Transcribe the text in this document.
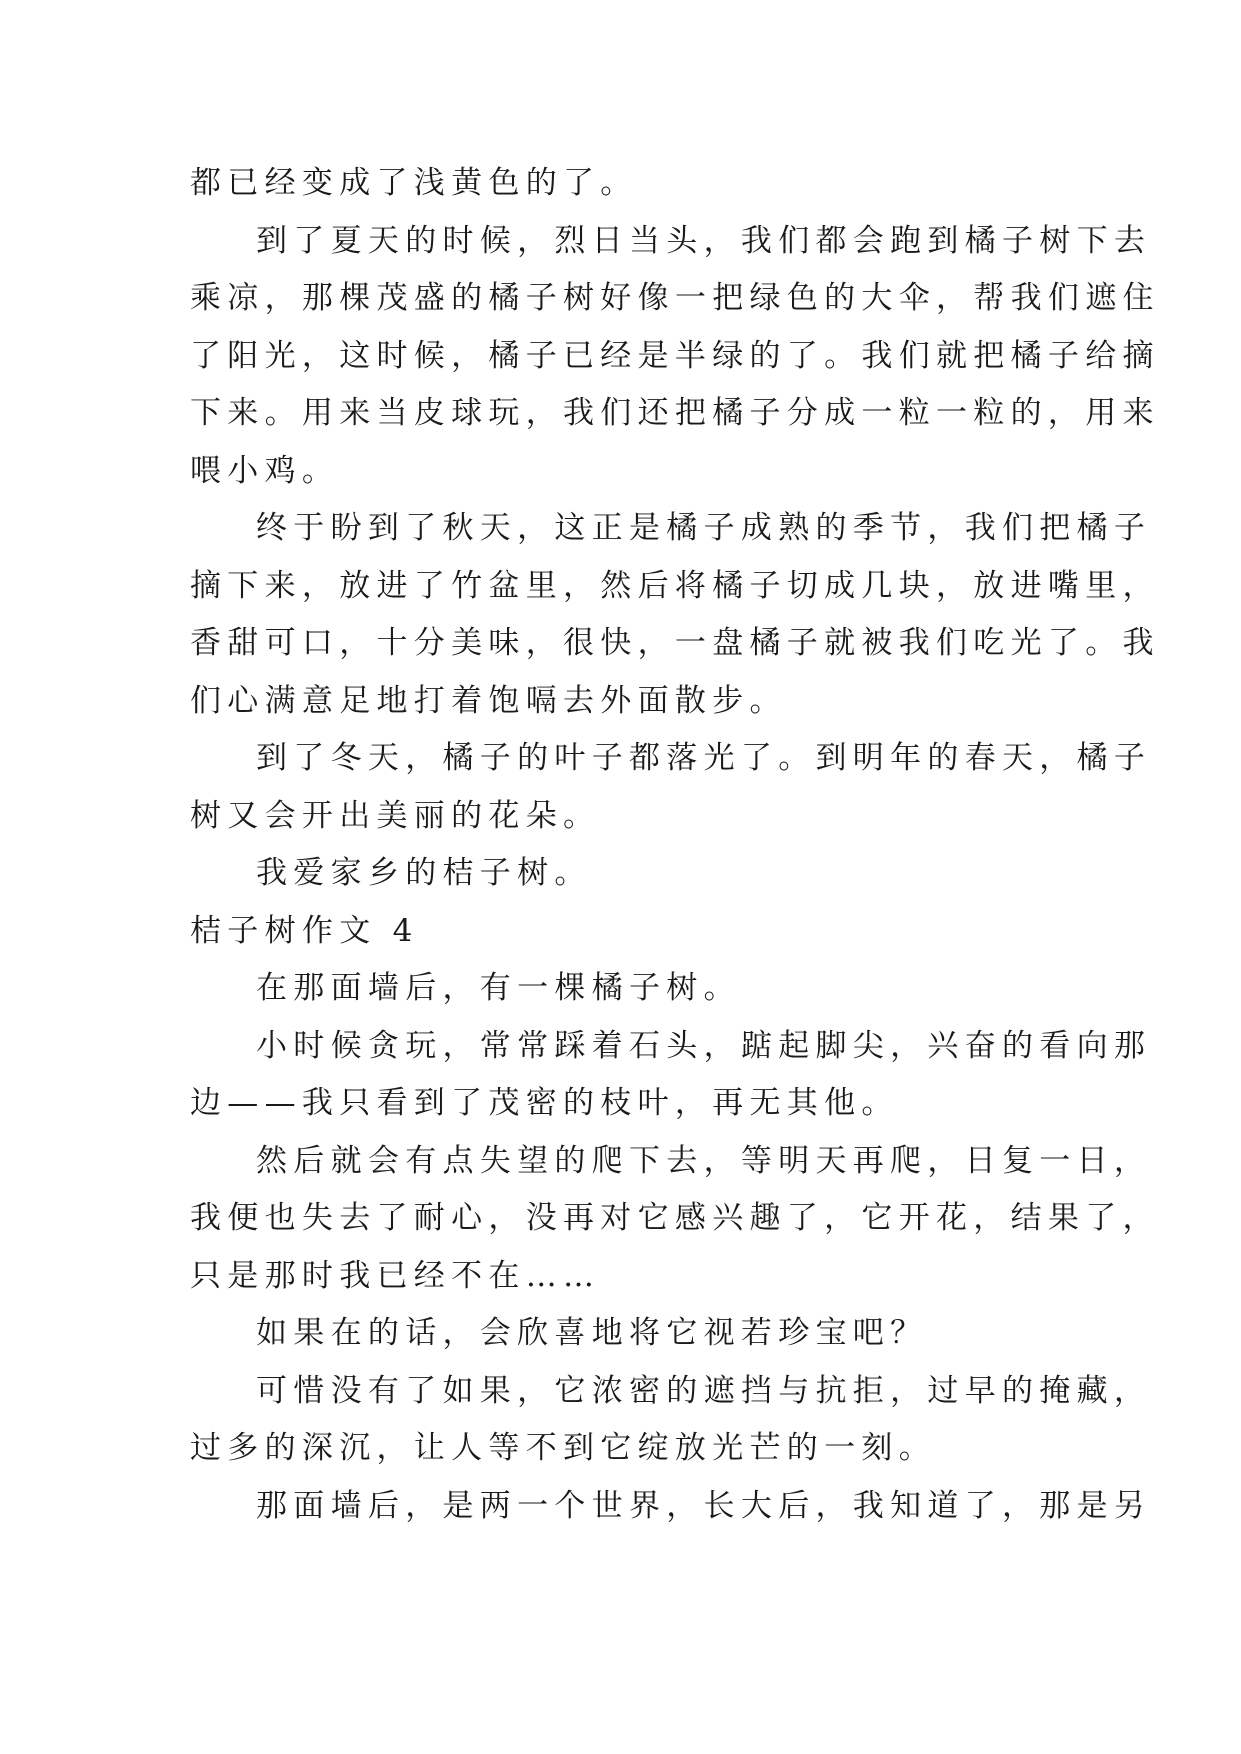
都已经变成了浅黄色的了。
到了夏天的时候，烈日当头，我们都会跑到橘子树下去
乘凉，那棵茂盛的橘子树好像一把绿色的大伞，帮我们遮住
了阳光，这时候，橘子已经是半绿的了。我们就把橘子给摘
下来。用来当皮球玩，我们还把橘子分成一粒一粒的，用来
喂小鸡。
终于盼到了秋天，这正是橘子成熟的季节，我们把橘子
摘下来，放进了竹盆里，然后将橘子切成几块，放进嘴里，
香甜可口，十分美味，很快，一盘橘子就被我们吃光了。我
们心满意足地打着饱嗝去外面散步。
到了冬天，橘子的叶子都落光了。到明年的春天，橘子
树又会开出美丽的花朵。
我爱家乡的桔子树。
桔子树作文 4
在那面墙后，有一棵橘子树。
小时候贪玩，常常踩着石头，踮起脚尖，兴奋的看向那
边——我只看到了茂密的枝叶，再无其他。
然后就会有点失望的爬下去，等明天再爬，日复一日，
我便也失去了耐心，没再对它感兴趣了，它开花，结果了，
只是那时我已经不在……
如果在的话，会欣喜地将它视若珍宝吧？
可惜没有了如果，它浓密的遮挡与抗拒，过早的掩藏，
过多的深沉，让人等不到它绽放光芒的一刻。
那面墙后，是两一个世界，长大后，我知道了，那是另
